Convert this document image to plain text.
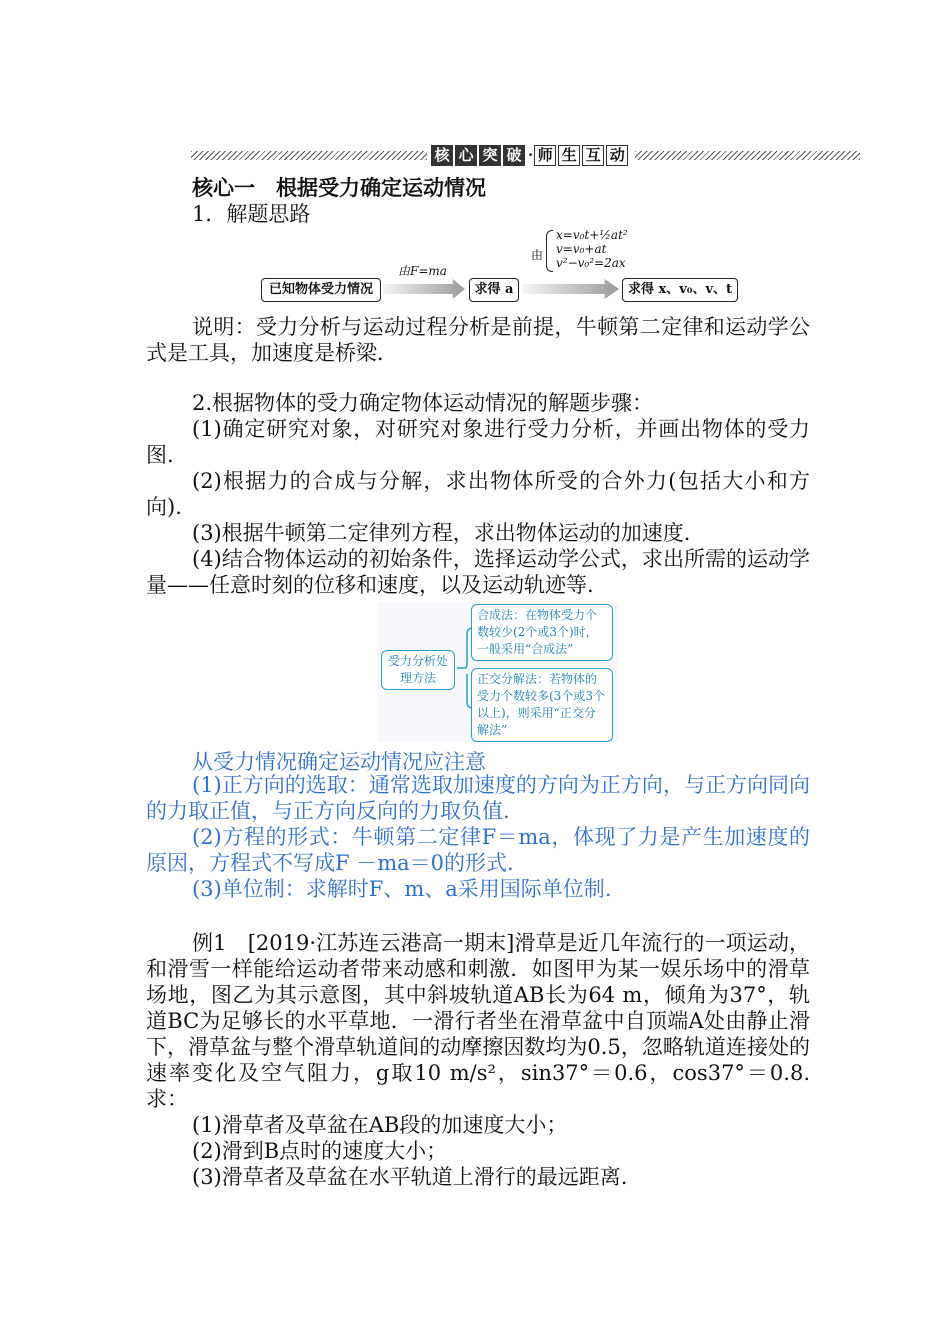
核 心 突 破 · 师 生 互 动
核心一　根据受力确定运动情况
1．解题思路
已知物体受力情况
由F=ma
求得 a
由
x=v₀t+½at²
v=v₀+at
v²−v₀²=2ax
求得 x、v₀、v、t

说明：受力分析与运动过程分析是前提，牛顿第二定律和运动学公式是工具，加速度是桥梁．

2.根据物体的受力确定物体运动情况的解题步骤：

(1)确定研究对象，对研究对象进行受力分析，并画出物体的受力图.

(2)根据力的合成与分解，求出物体所受的合外力(包括大小和方向).

(3)根据牛顿第二定律列方程，求出物体运动的加速度.

(4)结合物体运动的初始条件，选择运动学公式，求出所需的运动学量——任意时刻的位移和速度，以及运动轨迹等.

受力分析处理方法
合成法：在物体受力个数较少(2个或3个)时，一般采用“合成法”
正交分解法：若物体的受力个数较多(3个或3个以上)，则采用“正交分解法”
从受力情况确定运动情况应注意

(1)正方向的选取：通常选取加速度的方向为正方向，与正方向同向的力取正值，与正方向反向的力取负值.

(2)方程的形式：牛顿第二定律F＝ma，体现了力是产生加速度的原因，方程式不写成F －ma＝0的形式.

(3)单位制：求解时F、m、a采用国际单位制.

例1　 [2019·江苏连云港高一期末]滑草是近几年流行的一项运动，和滑雪一样能给运动者带来动感和刺激．如图甲为某一娱乐场中的滑草场地，图乙为其示意图，其中斜坡轨道AB长为64 m，倾角为37°，轨道BC为足够长的水平草地．一滑行者坐在滑草盆中自顶端A处由静止滑下，滑草盆与整个滑草轨道间的动摩擦因数均为0.5，忽略轨道连接处的速率变化及空气阻力，g取10 m/s²，sin37°＝0.6，cos37°＝0.8.求：

(1)滑草者及草盆在AB段的加速度大小；

(2)滑到B点时的速度大小；

(3)滑草者及草盆在水平轨道上滑行的最远距离.
